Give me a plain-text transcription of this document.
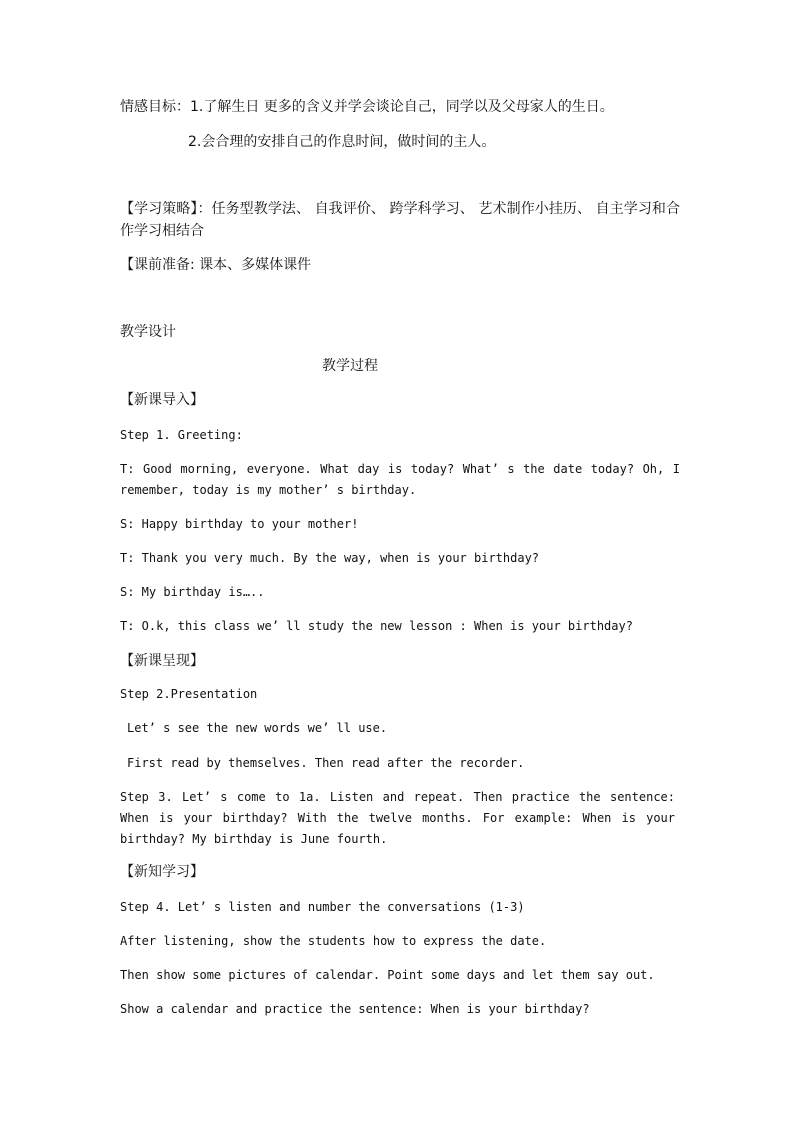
情感目标：1.了解生日 更多的含义并学会谈论自己，同学以及父母家人的生日。

2.会合理的安排自己的作息时间，做时间的主人。

【学习策略】：任务型教学法、 自我评价、 跨学科学习、 艺术制作小挂历、 自主学习和合作学习相结合

【课前准备: 课本、多媒体课件

教学设计

教学过程

【新课导入】

Step 1. Greeting:

T: Good morning, everyone. What day is today? What’ s the date today? Oh, I remember, today is my mother’ s birthday.

S: Happy birthday to your mother!

T: Thank you very much. By the way, when is your birthday?

S: My birthday is…..

T: O.k, this class we’ ll study the new lesson : When is your birthday?

【新课呈现】

Step 2.Presentation

Let’ s see the new words we’ ll use.

First read by themselves. Then read after the recorder.

Step 3. Let’ s come to 1a. Listen and repeat. Then practice the sentence: When is your birthday? With the twelve months. For example: When is your birthday? My birthday is June fourth.

【新知学习】

Step 4. Let’ s listen and number the conversations (1-3)

After listening, show the students how to express the date.

Then show some pictures of calendar. Point some days and let them say out.

Show a calendar and practice the sentence: When is your birthday?
